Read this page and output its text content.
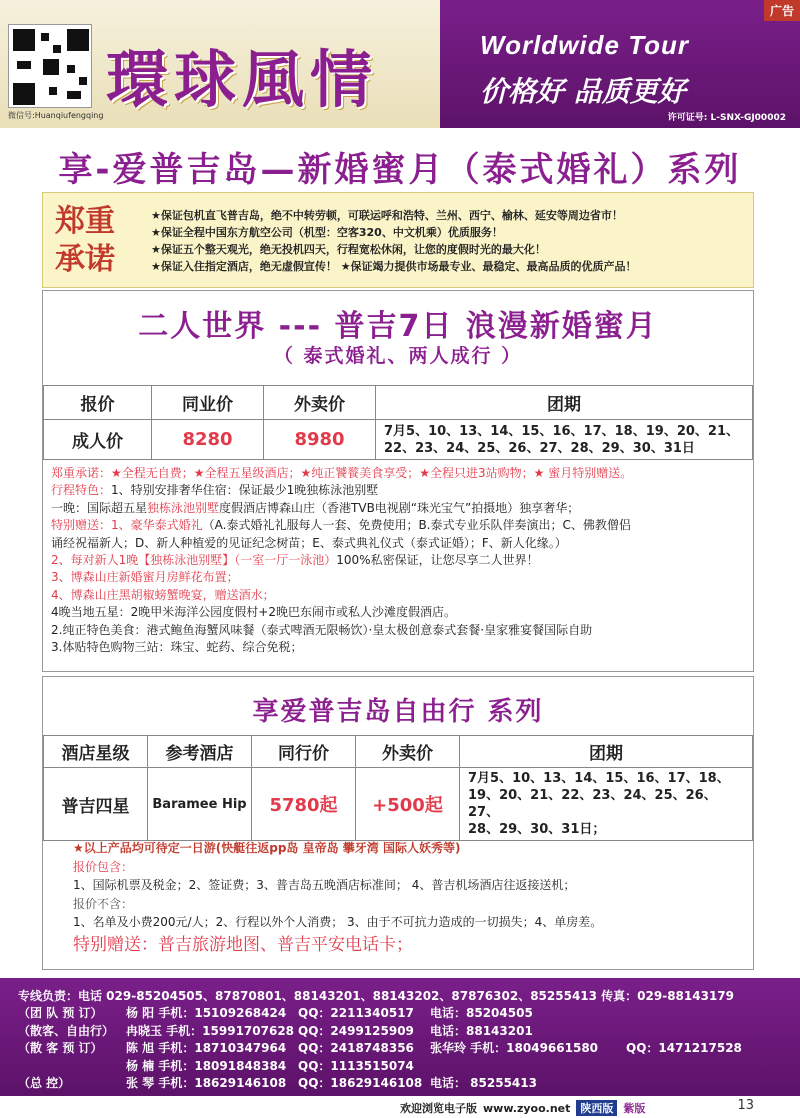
微信号:Huanqiufengqing 環球風情
广告
Worldwide Tour
价格好 品质更好
许可证号: L-SNX-GJ00002
享-爱普吉岛—新婚蜜月（泰式婚礼）系列
郑重
承诺
★保证包机直飞普吉岛，绝不中转劳顿，可联运呼和浩特、兰州、西宁、榆林、延安等周边省市！
★保证全程中国东方航空公司（机型：空客320、中文机乘）优质服务！
★保证五个整天观光，绝无投机四天，行程宽松休闲，让您的度假时光的最大化！
★保证入住指定酒店，绝无虚假宣传！ ★保证竭力提供市场最专业、最稳定、最高品质的优质产品！
二人世界 --- 普吉7日 浪漫新婚蜜月
（ 泰式婚礼、两人成行 ）
报价	同业价	外卖价	团期
成人价	8280	8980	7月5、10、13、14、15、16、17、18、19、20、21、
22、23、24、25、26、27、28、29、30、31日
郑重承诺：★全程无自费；★全程五星级酒店；★纯正饕餮美食享受；★全程只进3站购物；★ 蜜月特别赠送。
行程特色：1、特别安排奢华住宿：保证最少1晚独栋泳池别墅
一晚：国际超五星独栋泳池别墅度假酒店博森山庄（香港TVB电视剧“珠光宝气”拍摄地）独享奢华；
特别赠送：1、豪华泰式婚礼（A.泰式婚礼礼服每人一套、免费使用；B.泰式专业乐队伴奏演出；C、佛教僧侣
诵经祝福新人；D、新人种植爱的见证纪念树苗；E、泰式典礼仪式（泰式证婚）；F、新人化缘。）
2、每对新人1晚【独栋泳池别墅】（一室一厅一泳池）100%私密保证，让您尽享二人世界！
3、博森山庄新婚蜜月房鲜花布置；
4、博森山庄黑胡椒螃蟹晚宴，赠送酒水；
4晚当地五星：2晚甲米海洋公园度假村+2晚巴东闹市或私人沙滩度假酒店。
2.纯正特色美食：港式鲍鱼海蟹风味餐（泰式啤酒无限畅饮）·皇太极创意泰式套餐·皇家雅宴餐国际自助
3.体贴特色购物三站：珠宝、蛇药、综合免税；
享爱普吉岛自由行 系列
酒店星级	参考酒店	同行价	外卖价	团期
普吉四星	Baramee Hip	5780起	+500起	7月5、10、13、14、15、16、17、18、
19、20、21、22、23、24、25、26、27、
28、29、30、31日；
★以上产品均可待定一日游(快艇往返pp岛 皇帝岛 攀牙湾 国际人妖秀等)
报价包含：
1、国际机票及税金；2、签证费；3、普吉岛五晚酒店标准间； 4、普吉机场酒店往返接送机；
报价不含：
1、名单及小费200元/人；2、行程以外个人消费； 3、由于不可抗力造成的一切损失；4、单房差。
特别赠送：普吉旅游地图、普吉平安电话卡；
专线负责：电话 029-85204505、87870801、88143201、88143202、87876302、85255413 传真：029-88143179
（团 队 预 订）	杨 阳 手机：15109268424 QQ：2211340517	电话：85204505
（散客、自由行） 冉晓玉 手机：15991707628 QQ：2499125909	电话：88143201
（散 客 预 订）	陈 旭 手机：18710347964 QQ：2418748356	张华玲 手机：18049661580	QQ：1471217528
杨 楠 手机：18091848384 QQ：1113515074
（总 控）	张 琴 手机：18629146108 QQ：18629146108 电话： 85255413
欢迎浏览电子版 www.zyoo.net 陕西版 紫版	13
